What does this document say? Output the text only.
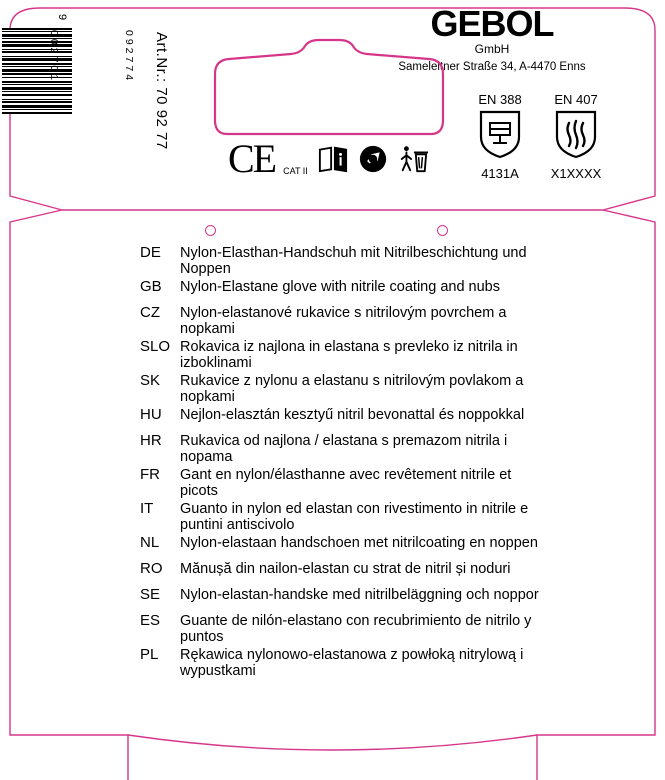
9
002701	092774 Art.Nr.: 70 92 77
GEBOL
GmbH
Sameleitner Straße 34, A-4470 Enns
CE CAT II
EN 388
4131A
EN 407
X1XXXX
DE	Nylon-Elasthan-Handschuh mit Nitrilbeschichtung und Noppen
GB	Nylon-Elastane glove with nitrile coating and nubs
CZ	Nylon-elastanové rukavice s nitrilovým povrchem a nopkami
SLO Rokavica iz najlona in elastana s prevleko iz nitrila in izboklinami
SK	Rukavice z nylonu a elastanu s nitrilovým povlakom a nopkami
HU	Nejlon-elasztán kesztyű nitril bevonattal és noppokkal
HR	Rukavica od najlona / elastana s premazom nitrila i nopama
FR	Gant en nylon/élasthanne avec revêtement nitrile et picots
IT	Guanto in nylon ed elastan con rivestimento in nitrile e puntini antiscivolo
NL	Nylon-elastaan handschoen met nitrilcoating en noppen
RO	Mănușă din nailon-elastan cu strat de nitril și noduri
SE	Nylon-elastan-handske med nitrilbeläggning och noppor
ES	Guante de nilón-elastano con recubrimiento de nitrilo y puntos
PL	Rękawica nylonowo-elastanowa z powłoką nitrylową i wypustkami
